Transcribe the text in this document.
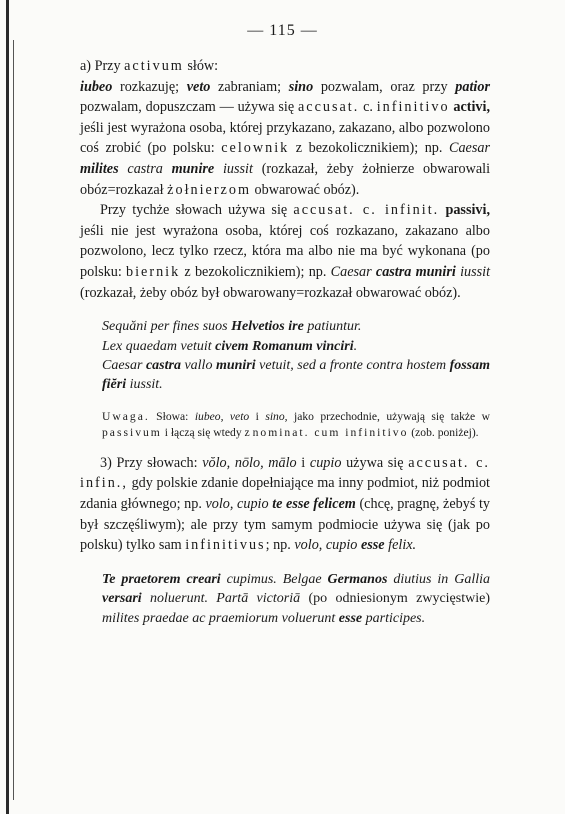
— 115 —

a) Przy activum słów:

iubeo rozkazuję; veto zabraniam; sino pozwalam, oraz przy patior pozwalam, dopuszczam — używa się accusat. c. infinitivo activi, jeśli jest wyrażona osoba, której przykazano, zakazano, albo pozwolono coś zrobić (po polsku: celownik z bezokolicznikiem); np. Caesar milites castra munire iussit (rozkazał, żeby żołnierze obwarowali obóz=rozkazał żołnierzom obwarować obóz).

Przy tychże słowach używa się accusat. c. infinit. passivi, jeśli nie jest wyrażona osoba, której coś rozkazano, zakazano albo pozwolono, lecz tylko rzecz, która ma albo nie ma być wykonana (po polsku: biernik z bezokolicznikiem); np. Caesar castra muniri iussit (rozkazał, żeby obóz był obwarowany=rozkazał obwarować obóz).

Sequăni per fines suos Helvetios ire patiuntur.
Lex quaedam vetuit civem Romanum vinciri.
Caesar castra vallo muniri vetuit, sed a fronte contra hostem fossam fiĕri iussit.
Uwaga. Słowa: iubeo, veto i sino, jako przechodnie, używają się także w passivum i łączą się wtedy z nominat. cum infinitivo (zob. poniżej).

3) Przy słowach: vŏlo, nōlo, mālo i cupio używa się accusat. c. infin., gdy polskie zdanie dopełniające ma inny podmiot, niż podmiot zdania głównego; np. volo, cupio te esse felicem (chcę, pragnę, żebyś ty był szczęśliwym); ale przy tym samym podmiocie używa się (jak po polsku) tylko sam infinitivus; np. volo, cupio esse felix.

Te praetorem creari cupimus. Belgae Germanos diutius in Gallia versari noluerunt. Partā victoriā (po odniesionym zwycięstwie) milites praedae ac praemiorum voluerunt esse participes.
